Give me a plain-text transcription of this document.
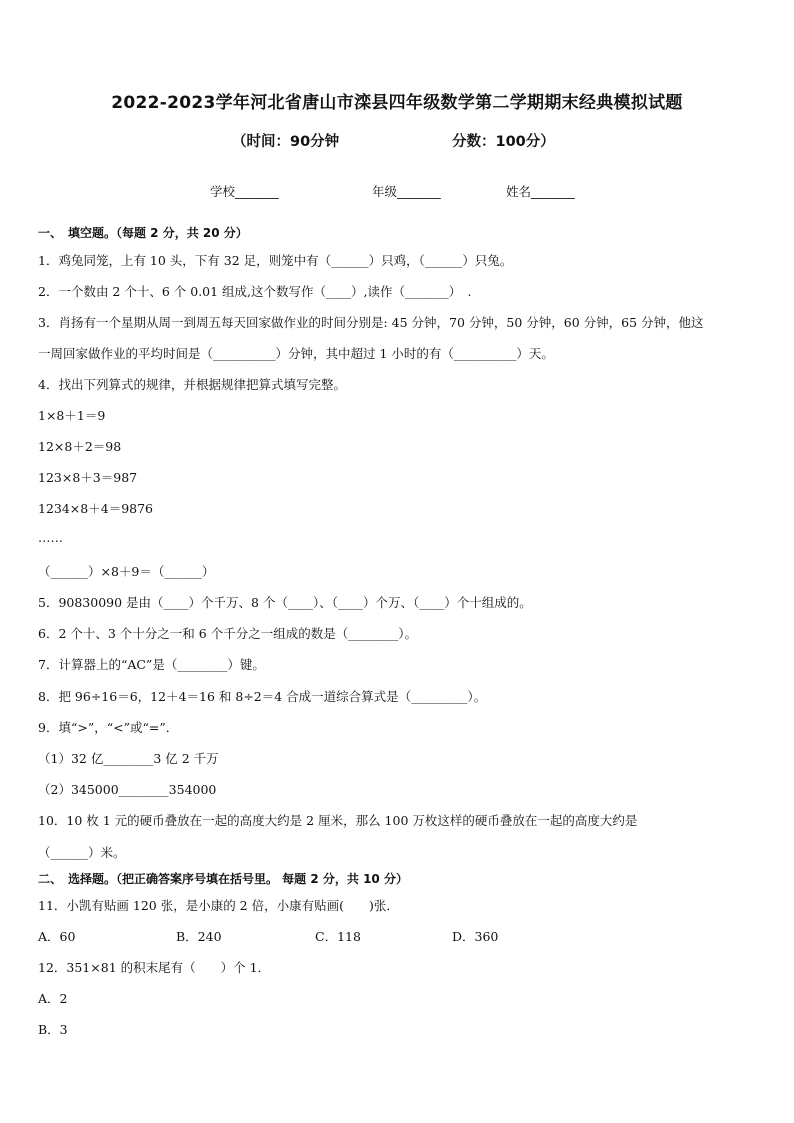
2022-2023学年河北省唐山市滦县四年级数学第二学期期末经典模拟试题
（时间：90分钟	分数：100分）
学校_______	年级_______	姓名_______
一、　填空题。（每题 2 分，共 20 分）
1．鸡兔同笼，上有 10 头，下有 32 足，则笼中有（______）只鸡，（______）只兔。
2．一个数由 2 个十、6 个 0.01 组成,这个数写作（____）,读作（_______）　.
3．肖扬有一个星期从周一到周五每天回家做作业的时间分别是: 45 分钟，70 分钟，50 分钟，60 分钟，65 分钟，他这
一周回家做作业的平均时间是（__________）分钟，其中超过 1 小时的有（__________）天。
4．找出下列算式的规律，并根据规律把算式填写完整。
1×8＋1＝9
12×8＋2＝98
123×8＋3＝987
1234×8＋4＝9876
……
（______）×8＋9＝（______）
5．90830090 是由（____）个千万、8 个（____）、（____）个万、（____）个十组成的。
6．2 个十、3 个十分之一和 6 个千分之一组成的数是（________）。
7．计算器上的“AC”是（________）键。
8．把 96÷16＝6，12＋4＝16 和 8÷2＝4 合成一道综合算式是（_________）。
9．填“>”，“<”或“=”．
（1）32 亿________3 亿 2 千万
（2）345000________354000
10．10 枚 1 元的硬币叠放在一起的高度大约是 2 厘米，那么 100 万枚这样的硬币叠放在一起的高度大约是
（______）米。
二、　选择题。（把正确答案序号填在括号里。 每题 2 分，共 10 分）
11．小凯有贴画 120 张，是小康的 2 倍，小康有贴画(　　)张．
A．60	B．240	C．118	D．360
12．351×81 的积末尾有（　　）个 1．
A．2
B．3
